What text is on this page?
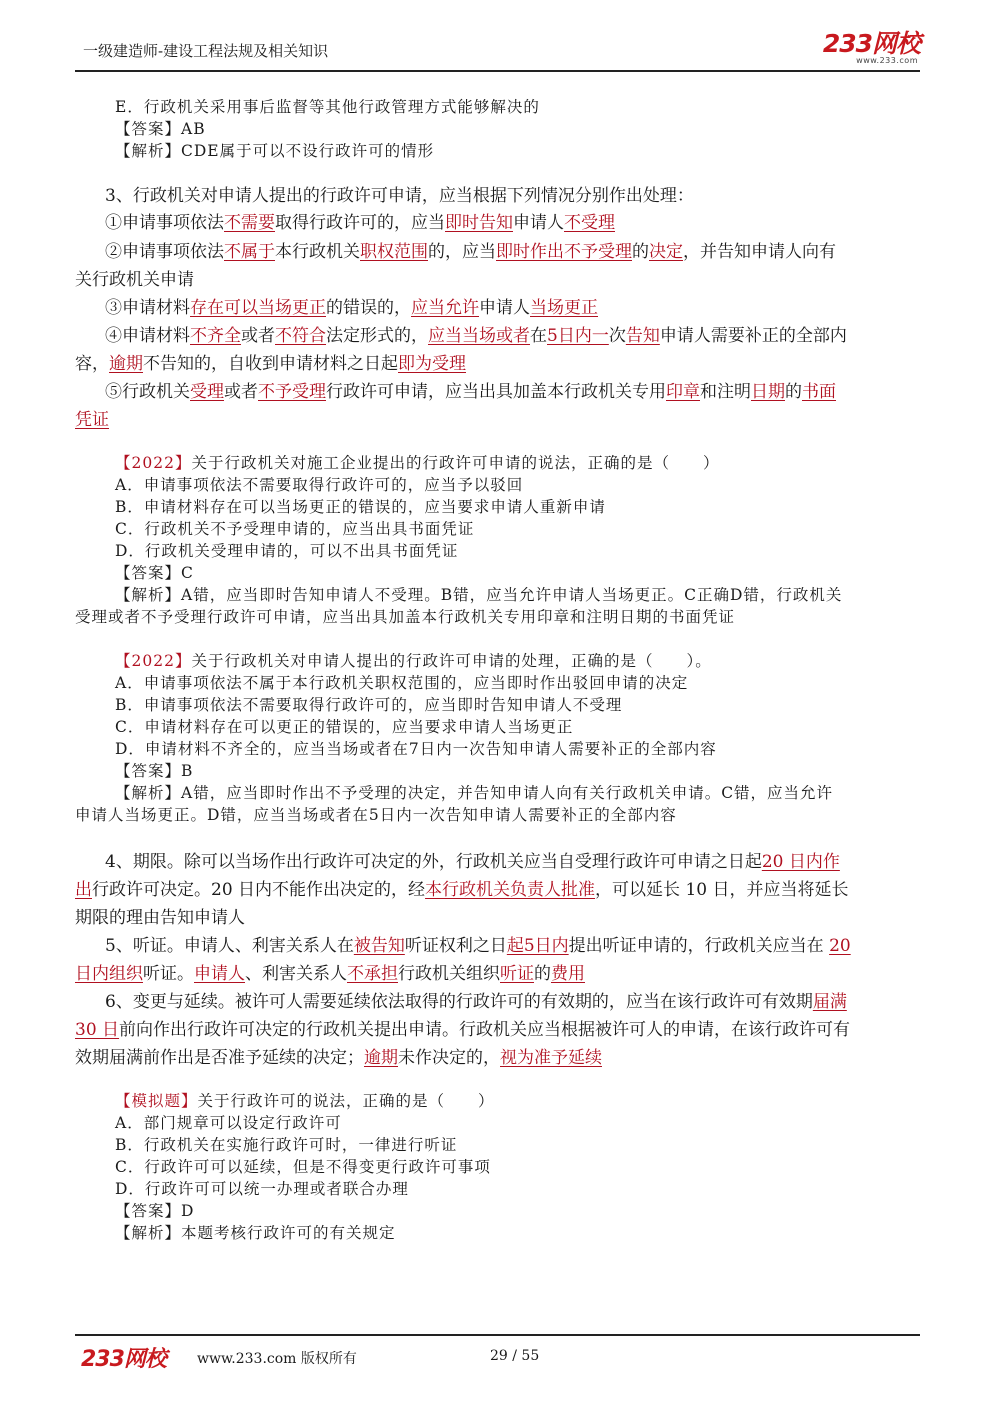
一级建造师-建设工程法规及相关知识	233网校
www.233.com
E．行政机关采用事后监督等其他行政管理方式能够解决的
【答案】AB
【解析】CDE属于可以不设行政许可的情形
3、行政机关对申请人提出的行政许可申请，应当根据下列情况分别作出处理：
①申请事项依法不需要取得行政许可的，应当即时告知申请人不受理
②申请事项依法不属于本行政机关职权范围的，应当即时作出不予受理的决定，并告知申请人向有
关行政机关申请
③申请材料存在可以当场更正的错误的，应当允许申请人当场更正
④申请材料不齐全或者不符合法定形式的，应当当场或者在5日内一次告知申请人需要补正的全部内
容，逾期不告知的，自收到申请材料之日起即为受理
⑤行政机关受理或者不予受理行政许可申请，应当出具加盖本行政机关专用印章和注明日期的书面
凭证
【2022】关于行政机关对施工企业提出的行政许可申请的说法，正确的是（　　）
A．申请事项依法不需要取得行政许可的，应当予以驳回
B．申请材料存在可以当场更正的错误的，应当要求申请人重新申请
C．行政机关不予受理申请的，应当出具书面凭证
D．行政机关受理申请的，可以不出具书面凭证
【答案】C
【解析】A错，应当即时告知申请人不受理。B错，应当允许申请人当场更正。C正确D错，行政机关
受理或者不予受理行政许可申请，应当出具加盖本行政机关专用印章和注明日期的书面凭证
【2022】关于行政机关对申请人提出的行政许可申请的处理，正确的是（　　）。
A．申请事项依法不属于本行政机关职权范围的，应当即时作出驳回申请的决定
B．申请事项依法不需要取得行政许可的，应当即时告知申请人不受理
C．申请材料存在可以更正的错误的，应当要求申请人当场更正
D．申请材料不齐全的，应当当场或者在7日内一次告知申请人需要补正的全部内容
【答案】B
【解析】A错，应当即时作出不予受理的决定，并告知申请人向有关行政机关申请。C错，应当允许
申请人当场更正。D错，应当当场或者在5日内一次告知申请人需要补正的全部内容
4、期限。除可以当场作出行政许可决定的外，行政机关应当自受理行政许可申请之日起20 日内作
出行政许可决定。20 日内不能作出决定的，经本行政机关负责人批准，可以延长 10 日，并应当将延长
期限的理由告知申请人
5、听证。申请人、利害关系人在被告知听证权利之日起5日内提出听证申请的，行政机关应当在 20
日内组织听证。申请人、利害关系人不承担行政机关组织听证的费用
6、变更与延续。被许可人需要延续依法取得的行政许可的有效期的，应当在该行政许可有效期届满
30 日前向作出行政许可决定的行政机关提出申请。行政机关应当根据被许可人的申请，在该行政许可有
效期届满前作出是否准予延续的决定；逾期未作决定的，视为准予延续
【模拟题】关于行政许可的说法，正确的是（　　）
A．部门规章可以设定行政许可
B．行政机关在实施行政许可时，一律进行听证
C．行政许可可以延续，但是不得变更行政许可事项
D．行政许可可以统一办理或者联合办理
【答案】D
【解析】本题考核行政许可的有关规定
233网校 www.233.com 版权所有	29 / 55
